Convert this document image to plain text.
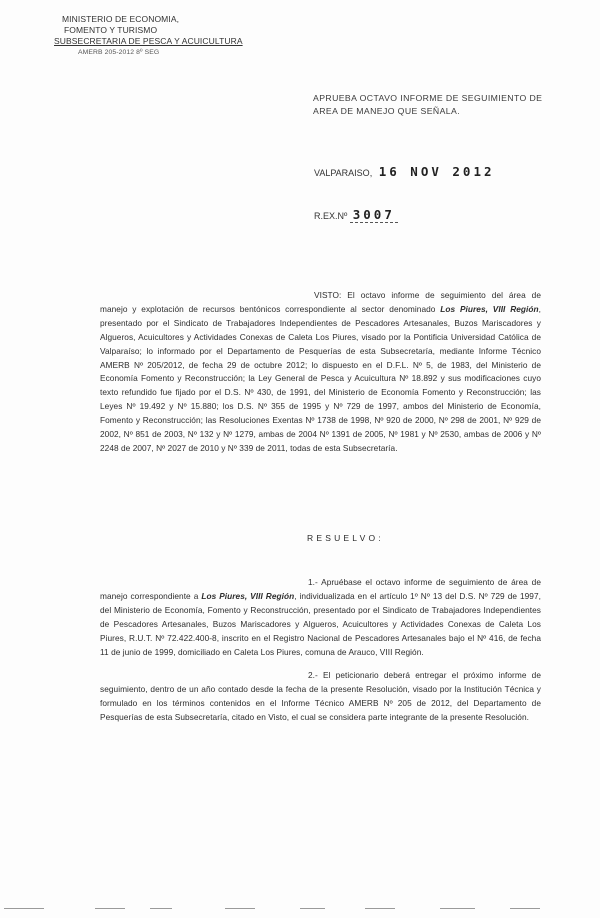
MINISTERIO DE ECONOMIA,
FOMENTO Y TURISMO
SUBSECRETARIA DE PESCA Y ACUICULTURA
AMERB 205-2012 8º SEG
APRUEBA OCTAVO INFORME DE SEGUIMIENTO DE AREA DE MANEJO QUE SEÑALA.
VALPARAISO, 16 NOV 2012
R.EX.Nº 3007
VISTO: El octavo informe de seguimiento del área de manejo y explotación de recursos bentónicos correspondiente al sector denominado Los Piures, VIII Región, presentado por el Sindicato de Trabajadores Independientes de Pescadores Artesanales, Buzos Mariscadores y Algueros, Acuicultores y Actividades Conexas de Caleta Los Piures, visado por la Pontificia Universidad Católica de Valparaíso; lo informado por el Departamento de Pesquerías de esta Subsecretaría, mediante Informe Técnico AMERB Nº 205/2012, de fecha 29 de octubre 2012; lo dispuesto en el D.F.L. Nº 5, de 1983, del Ministerio de Economía Fomento y Reconstrucción; la Ley General de Pesca y Acuicultura Nº 18.892 y sus modificaciones cuyo texto refundido fue fijado por el D.S. Nº 430, de 1991, del Ministerio de Economía Fomento y Reconstrucción; las Leyes Nº 19.492 y Nº 15.880; los D.S. Nº 355 de 1995 y Nº 729 de 1997, ambos del Ministerio de Economía, Fomento y Reconstrucción; las Resoluciones Exentas Nº 1738 de 1998, Nº 920 de 2000, Nº 298 de 2001, Nº 929 de 2002, Nº 851 de 2003, Nº 132 y Nº 1279, ambas de 2004 Nº 1391 de 2005, Nº 1981 y Nº 2530, ambas de 2006 y Nº 2248 de 2007, Nº 2027 de 2010 y Nº 339 de 2011, todas de esta Subsecretaría.
RESUELVO:
1.- Apruébase el octavo informe de seguimiento de área de manejo correspondiente a Los Piures, VIII Región, individualizada en el artículo 1º Nº 13 del D.S. Nº 729 de 1997, del Ministerio de Economía, Fomento y Reconstrucción, presentado por el Sindicato de Trabajadores Independientes de Pescadores Artesanales, Buzos Mariscadores y Algueros, Acuicultores y Actividades Conexas de Caleta Los Piures, R.U.T. Nº 72.422.400-8, inscrito en el Registro Nacional de Pescadores Artesanales bajo el Nº 416, de fecha 11 de junio de 1999, domiciliado en Caleta Los Piures, comuna de Arauco, VIII Región.
2.- El peticionario deberá entregar el próximo informe de seguimiento, dentro de un año contado desde la fecha de la presente Resolución, visado por la Institución Técnica y formulado en los términos contenidos en el Informe Técnico AMERB Nº 205 de 2012, del Departamento de Pesquerías de esta Subsecretaría, citado en Visto, el cual se considera parte integrante de la presente Resolución.
